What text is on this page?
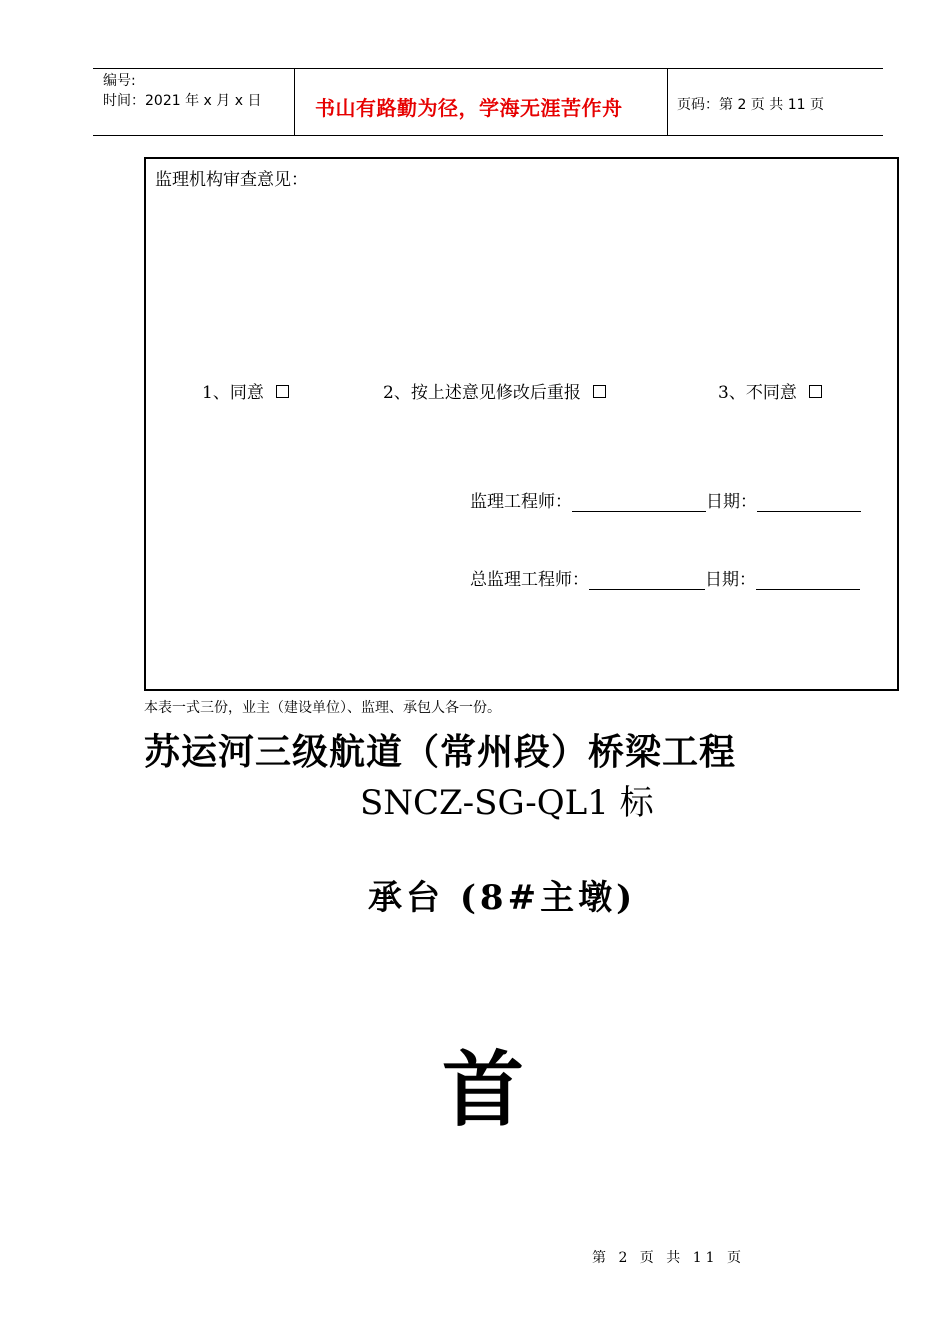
编号:
时间：2021 年 x 月 x 日	书山有路勤为径，学海无涯苦作舟	页码：第 2 页 共 11 页
监理机构审查意见：
1、同意	2、按上述意见修改后重报	3、不同意
监理工程师：	日期：
总监理工程师：	日期：
本表一式三份，业主（建设单位）、监理、承包人各一份。
苏运河三级航道（常州段）桥梁工程
SNCZ-SG-QL1 标
承台 (8#主墩)
首
第 2 页 共 11 页
